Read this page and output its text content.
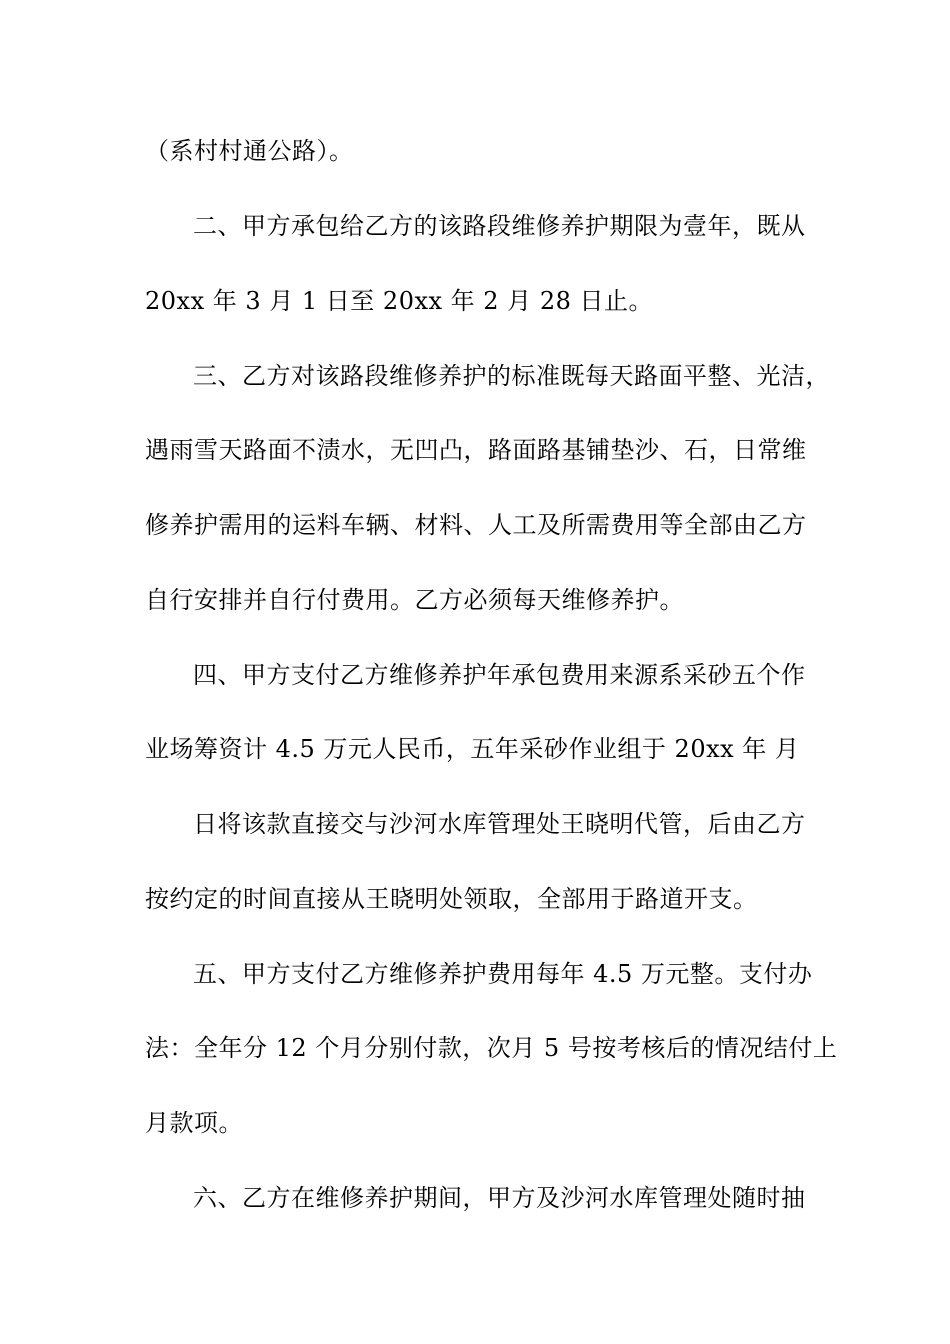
（系村村通公路）。
二、甲方承包给乙方的该路段维修养护期限为壹年，既从
20xx 年 3 月 1 日至 20xx 年 2 月 28 日止。
三、乙方对该路段维修养护的标准既每天路面平整、光洁，
遇雨雪天路面不渍水，无凹凸，路面路基铺垫沙、石，日常维
修养护需用的运料车辆、材料、人工及所需费用等全部由乙方
自行安排并自行付费用。乙方必须每天维修养护。
四、甲方支付乙方维修养护年承包费用来源系采砂五个作
业场筹资计 4.5 万元人民币，五年采砂作业组于 20xx 年 月
日将该款直接交与沙河水库管理处王晓明代管，后由乙方
按约定的时间直接从王晓明处领取，全部用于路道开支。
五、甲方支付乙方维修养护费用每年 4.5 万元整。支付办
法：全年分 12 个月分别付款，次月 5 号按考核后的情况结付上
月款项。
六、乙方在维修养护期间，甲方及沙河水库管理处随时抽
